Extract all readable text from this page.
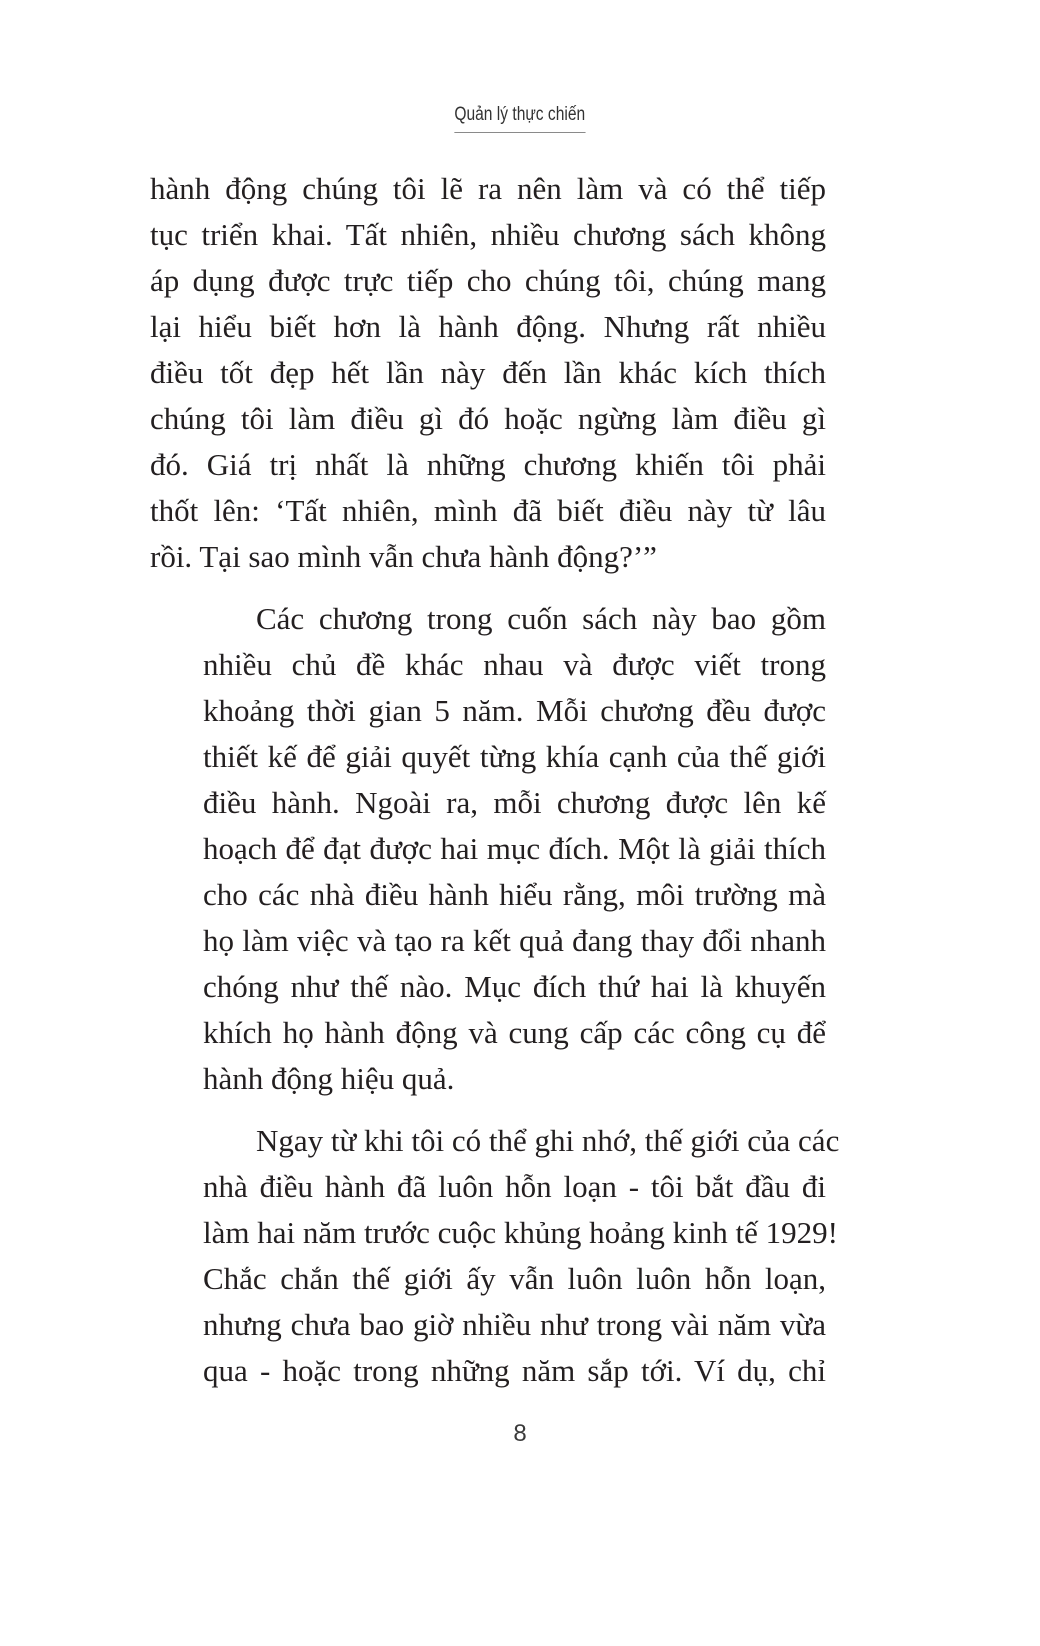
Quản lý thực chiến

hành động chúng tôi lẽ ra nên làm và có thể tiếp
tục triển khai. Tất nhiên, nhiều chương sách không
áp dụng được trực tiếp cho chúng tôi, chúng mang
lại hiểu biết hơn là hành động. Nhưng rất nhiều
điều tốt đẹp hết lần này đến lần khác kích thích
chúng tôi làm điều gì đó hoặc ngừng làm điều gì
đó. Giá trị nhất là những chương khiến tôi phải
thốt lên: ‘Tất nhiên, mình đã biết điều này từ lâu
rồi. Tại sao mình vẫn chưa hành động?’”

Các chương trong cuốn sách này bao gồm
nhiều chủ đề khác nhau và được viết trong
khoảng thời gian 5 năm. Mỗi chương đều được
thiết kế để giải quyết từng khía cạnh của thế giới
điều hành. Ngoài ra, mỗi chương được lên kế
hoạch để đạt được hai mục đích. Một là giải thích
cho các nhà điều hành hiểu rằng, môi trường mà
họ làm việc và tạo ra kết quả đang thay đổi nhanh
chóng như thế nào. Mục đích thứ hai là khuyến
khích họ hành động và cung cấp các công cụ để
hành động hiệu quả.

Ngay từ khi tôi có thể ghi nhớ, thế giới của các
nhà điều hành đã luôn hỗn loạn - tôi bắt đầu đi
làm hai năm trước cuộc khủng hoảng kinh tế 1929!
Chắc chắn thế giới ấy vẫn luôn luôn hỗn loạn,
nhưng chưa bao giờ nhiều như trong vài năm vừa
qua - hoặc trong những năm sắp tới. Ví dụ, chỉ

8
